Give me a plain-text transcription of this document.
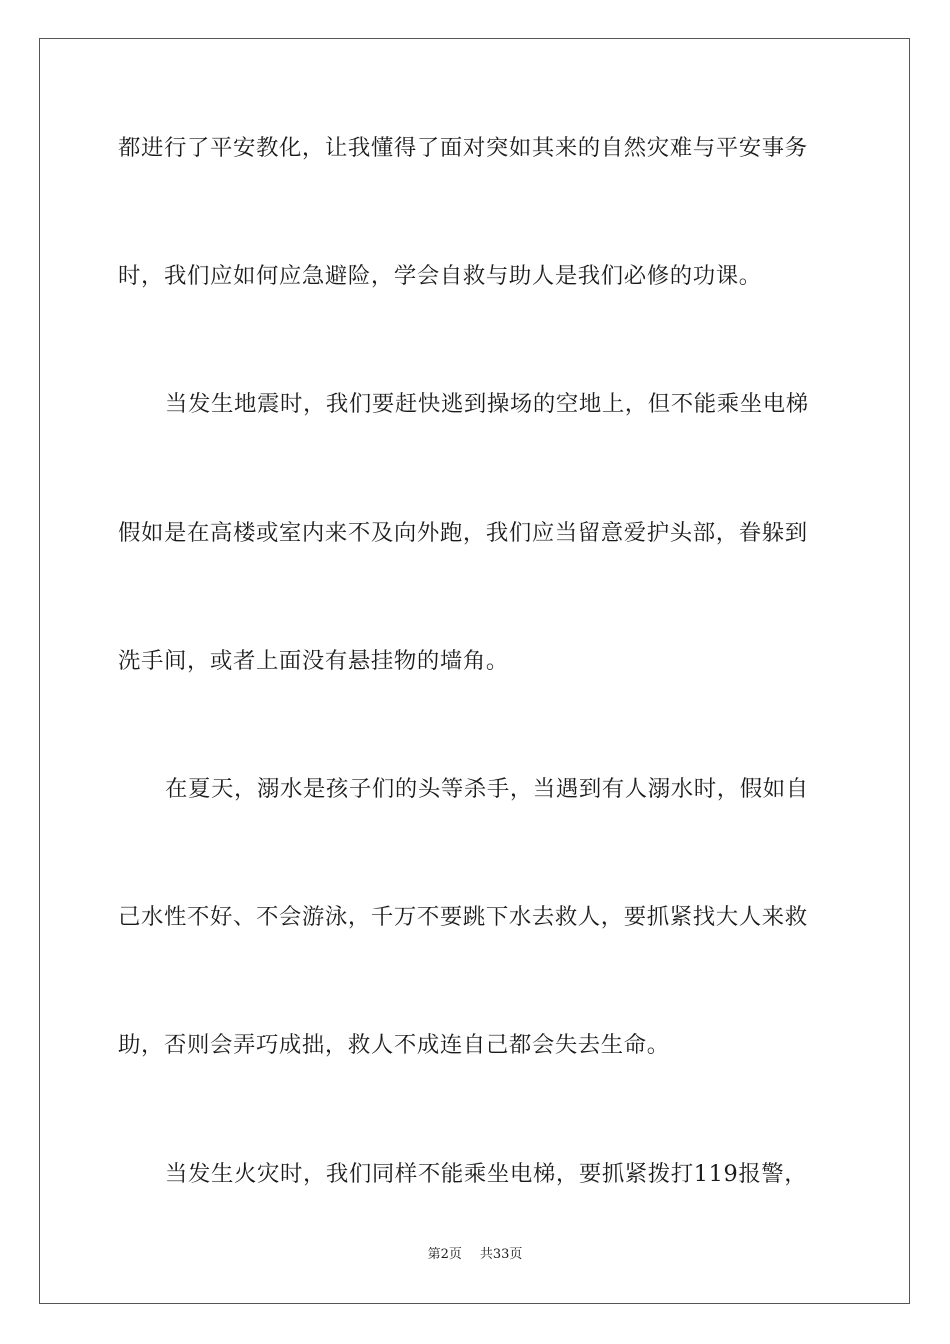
都进行了平安教化，让我懂得了面对突如其来的自然灾难与平安事务

时，我们应如何应急避险，学会自救与助人是我们必修的功课。

当发生地震时，我们要赶快逃到操场的空地上，但不能乘坐电梯

假如是在高楼或室内来不及向外跑，我们应当留意爱护头部，眷躲到

洗手间，或者上面没有悬挂物的墙角。

在夏天，溺水是孩子们的头等杀手，当遇到有人溺水时，假如自

己水性不好、不会游泳，千万不要跳下水去救人，要抓紧找大人来救

助，否则会弄巧成拙，救人不成连自己都会失去生命。

当发生火灾时，我们同样不能乘坐电梯，要抓紧拨打119报警，

第2页 共33页
